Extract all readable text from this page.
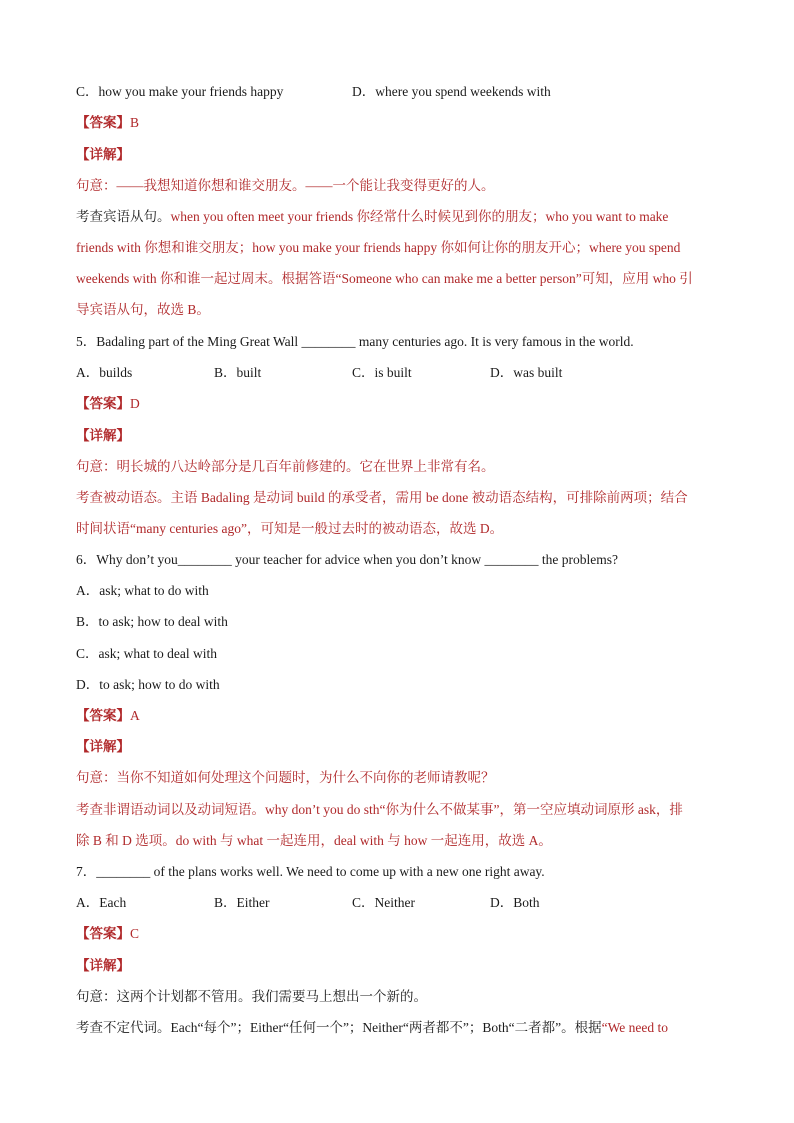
C．how you make your friends happy	D．where you spend weekends with
【答案】B
【详解】
句意：——我想知道你想和谁交朋友。——一个能让我变得更好的人。
考查宾语从句。when you often meet your friends 你经常什么时候见到你的朋友；who you want to make
friends with 你想和谁交朋友；how you make your friends happy 你如何让你的朋友开心；where you spend
weekends with 你和谁一起过周末。根据答语“Someone who can make me a better person”可知，应用 who 引
导宾语从句，故选 B。
5．Badaling part of the Ming Great Wall ________ many centuries ago. It is very famous in the world.
A．builds	B．built	C．is built	D．was built
【答案】D
【详解】
句意：明长城的八达岭部分是几百年前修建的。它在世界上非常有名。
考查被动语态。主语 Badaling 是动词 build 的承受者，需用 be done 被动语态结构，可排除前两项；结合
时间状语“many centuries ago”，可知是一般过去时的被动语态，故选 D。
6．Why don’t you________ your teacher for advice when you don’t know ________ the problems?
A．ask; what to do with
B．to ask; how to deal with
C．ask; what to deal with
D．to ask; how to do with
【答案】A
【详解】
句意：当你不知道如何处理这个问题时，为什么不向你的老师请教呢？
考查非谓语动词以及动词短语。why don’t you do sth“你为什么不做某事”，第一空应填动词原形 ask，排
除 B 和 D 选项。do with 与 what 一起连用，deal with 与 how 一起连用，故选 A。
7．________ of the plans works well. We need to come up with a new one right away.
A．Each	B．Either	C．Neither	D．Both
【答案】C
【详解】
句意：这两个计划都不管用。我们需要马上想出一个新的。
考查不定代词。Each“每个”；Either“任何一个”；Neither“两者都不”；Both“二者都”。根据“We need to
